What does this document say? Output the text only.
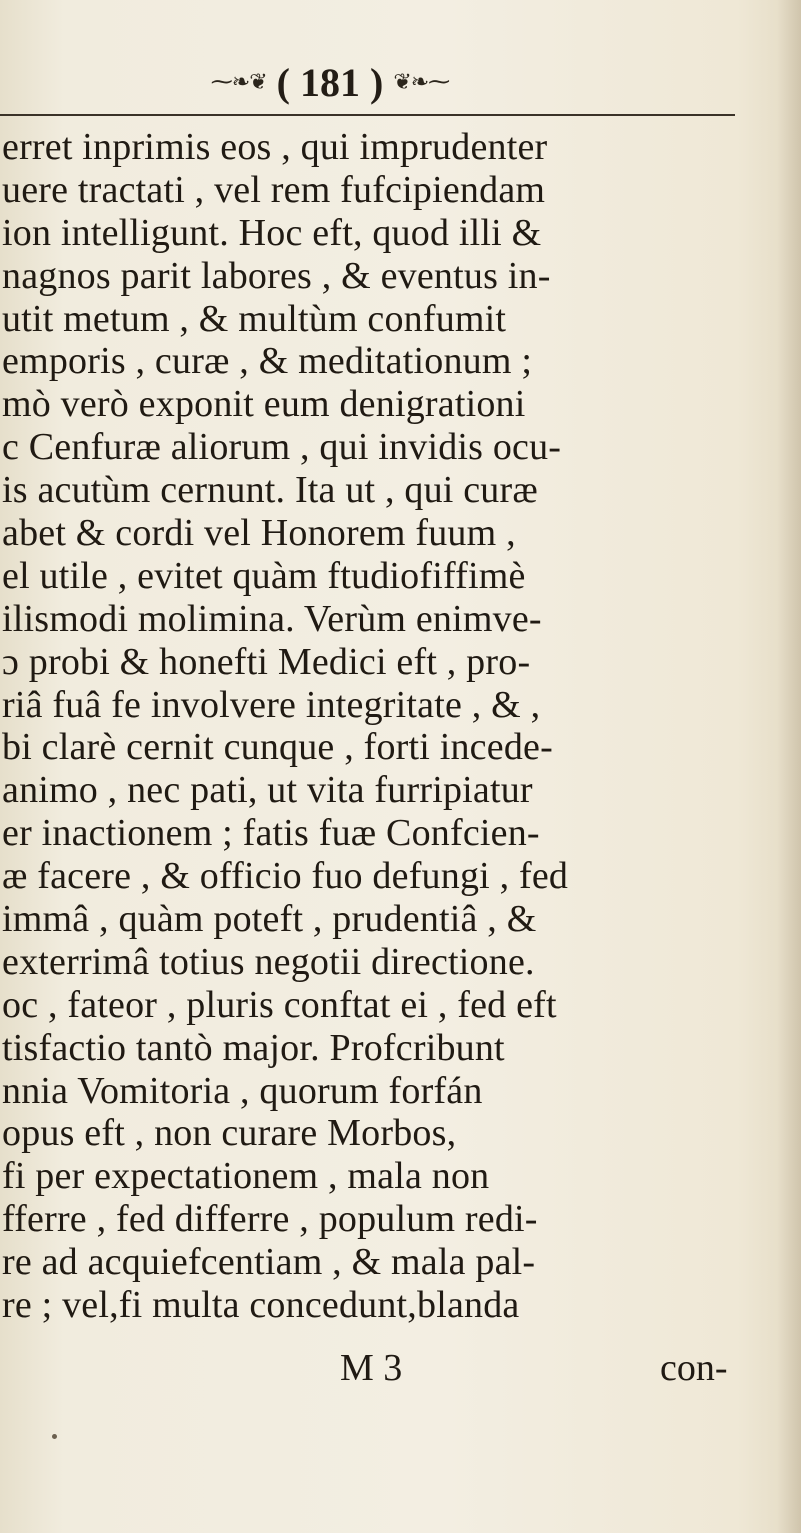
⁓❧❦ ( 181 ) ❦❧⁓
erret inprimis eos , qui imprudenter
uere tractati , vel rem fufcipiendam
ion intelligunt. Hoc eft, quod illi &
nagnos parit labores , & eventus in-
utit metum , & multùm confumit
emporis , curæ , & meditationum ;
mò verò exponit eum denigrationi
c Cenfuræ aliorum , qui invidis ocu-
is acutùm cernunt. Ita ut , qui curæ
abet & cordi vel Honorem fuum ,
el utile , evitet quàm ftudiofiffimè
ilismodi molimina. Verùm enimve-
ɔ probi & honefti Medici eft , pro-
riâ fuâ fe involvere integritate , & ,
bi clarè cernit cunque , forti incede-
animo , nec pati, ut vita furripiatur
er inactionem ; fatis fuæ Confcien-
æ facere , & officio fuo defungi , fed
immâ , quàm poteft , prudentiâ , &
exterrimâ totius negotii directione.
oc , fateor , pluris conftat ei , fed eft
tisfactio tantò major. Profcribunt
nnia Vomitoria , quorum forfán
opus eft , non curare Morbos,
fi per expectationem , mala non
fferre , fed differre , populum redi-
re ad acquiefcentiam , & mala pal-
re ; vel,fi multa concedunt,blanda
M 3	con-
